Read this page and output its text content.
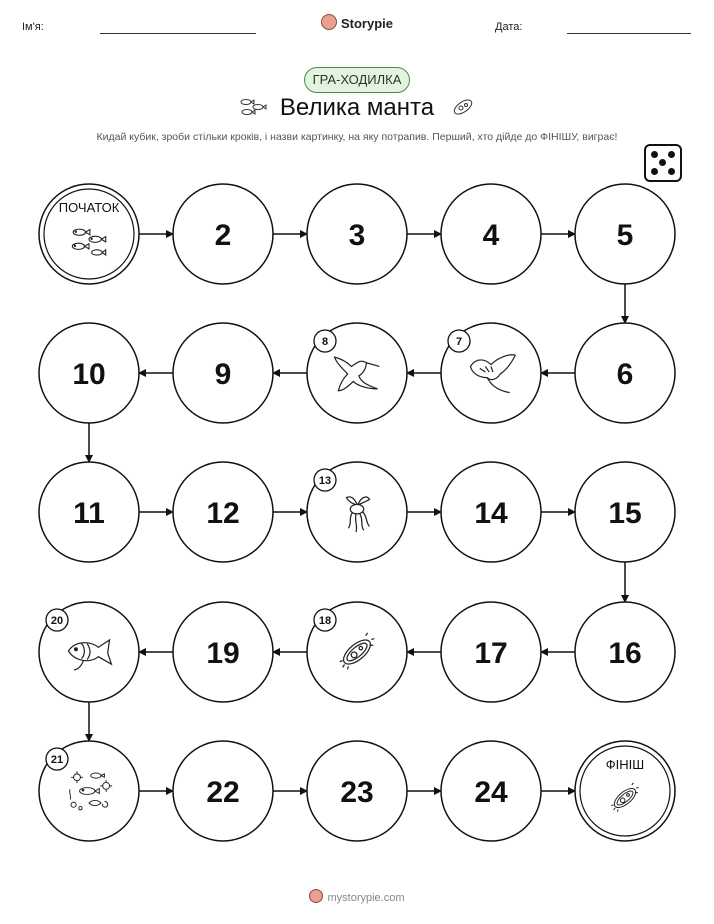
Ім'я:	Storypie	Дата:
ГРА-ХОДИЛКА
Велика манта
Кидай кубик, зроби стільки кроків, і назви картинку, на яку потрапив. Перший, хто дійде до ФІНІШУ, виграє!
ПОЧАТОК
2	3	4	5
6
7
8
9
10
11	12
13
14	15
16
17
18
19
20
21
22	23	24
ФІНІШ
mystorypie.com
